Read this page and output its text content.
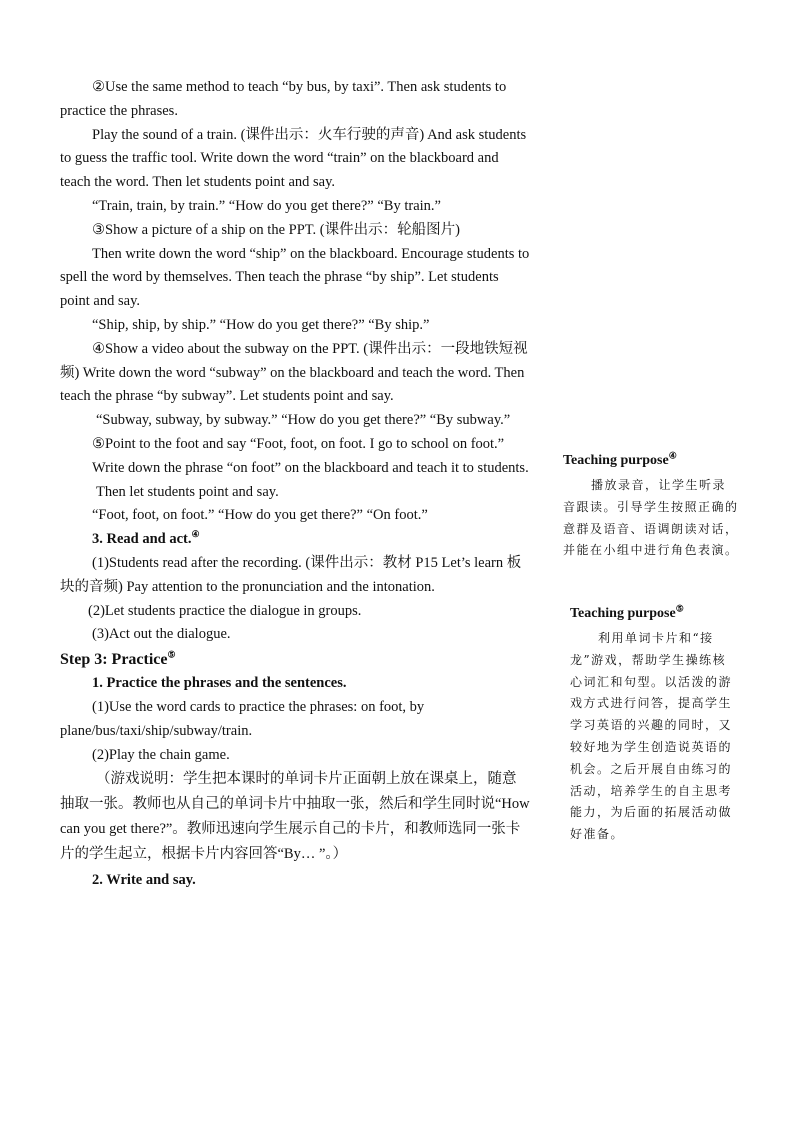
②Use the same method to teach “by bus, by taxi”. Then ask students to practice the phrases.

Play the sound of a train. (课件出示：火车行驶的声音) And ask students to guess the traffic tool. Write down the word “train” on the blackboard and teach the word. Then let students point and say.

“Train, train, by train.” “How do you get there?” “By train.”

③Show a picture of a ship on the PPT. (课件出示：轮船图片)

Then write down the word “ship” on the blackboard. Encourage students to spell the word by themselves. Then teach the phrase “by ship”. Let students point and say.

“Ship, ship, by ship.” “How do you get there?” “By ship.”

④Show a video about the subway on the PPT. (课件出示：一段地铁短视频) Write down the word “subway” on the blackboard and teach the word. Then teach the phrase “by subway”. Let students point and say.

“Subway, subway, by subway.” “How do you get there?” “By subway.”

⑤Point to the foot and say “Foot, foot, on foot. I go to school on foot.”

Write down the phrase “on foot” on the blackboard and teach it to students.

Then let students point and say.

“Foot, foot, on foot.” “How do you get there?” “On foot.”

3. Read and act.④

(1)Students read after the recording. (课件出示：教材 P15 Let’s learn 板块的音频) Pay attention to the pronunciation and the intonation.

(2)Let students practice the dialogue in groups.

(3)Act out the dialogue.

Step 3: Practice⑤

1. Practice the phrases and the sentences.

(1)Use the word cards to practice the phrases: on foot, by plane/bus/taxi/ship/subway/train.

(2)Play the chain game.

（游戏说明：学生把本课时的单词卡片正面朝上放在课桌上，随意抽取一张。教师也从自己的单词卡片中抽取一张，然后和学生同时说“How can you get there?”。教师迅速向学生展示自己的卡片，和教师选同一张卡片的学生起立，根据卡片内容回答“By… ”。）

2. Write and say.

Teaching purpose④

播放录音，让学生听录音跟读。引导学生按照正确的意群及语音、语调朗读对话，并能在小组中进行角色表演。

Teaching purpose⑤

利用单词卡片和“接龙”游戏，帮助学生操练核心词汇和句型。以活泼的游戏方式进行问答，提高学生学习英语的兴趣的同时，又较好地为学生创造说英语的机会。之后开展自由练习的活动，培养学生的自主思考能力，为后面的拓展活动做好准备。
